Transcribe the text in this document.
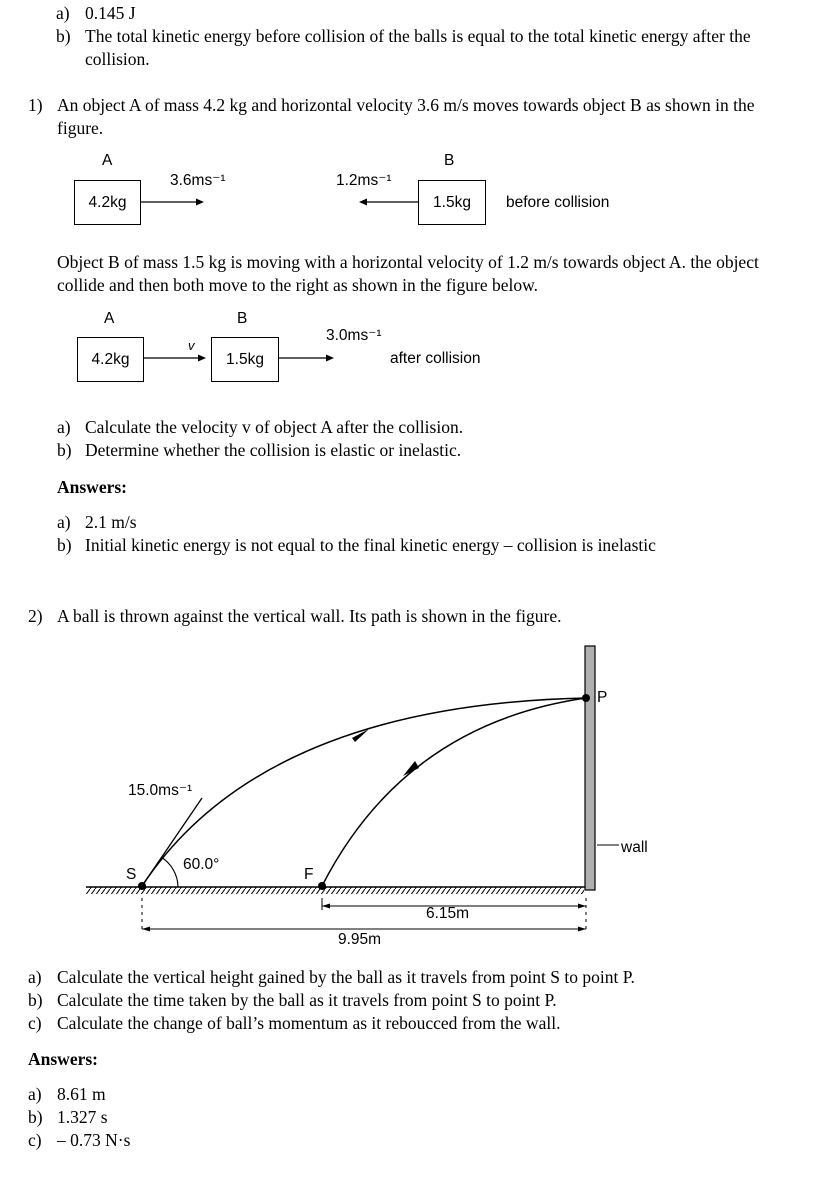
a) 0.145 J
b) The total kinetic energy before collision of the balls is equal to the total kinetic energy after the
collision.
1) An object A of mass 4.2 kg and horizontal velocity 3.6 m/s moves towards object B as shown in the
figure.
A	B
4.2kg	1.5kg
3.6ms⁻¹	1.2ms⁻¹
before collision
Object B of mass 1.5 kg is moving with a horizontal velocity of 1.2 m/s towards object A. the object
collide and then both move to the right as shown in the figure below.
A	B
4.2kg	1.5kg
v
3.0ms⁻¹
after collision
a) Calculate the velocity v of object A after the collision.
b) Determine whether the collision is elastic or inelastic.
Answers:
a) 2.1 m/s
b) Initial kinetic energy is not equal to the final kinetic energy – collision is inelastic
2) A ball is thrown against the vertical wall. Its path is shown in the figure.
P
S	F
wall
15.0ms⁻¹
60.0°
6.15m
9.95m
a) Calculate the vertical height gained by the ball as it travels from point S to point P.
b) Calculate the time taken by the ball as it travels from point S to point P.
c) Calculate the change of ball’s momentum as it reboucced from the wall.
Answers:
a) 8.61 m
b) 1.327 s
c) – 0.73 N·s
